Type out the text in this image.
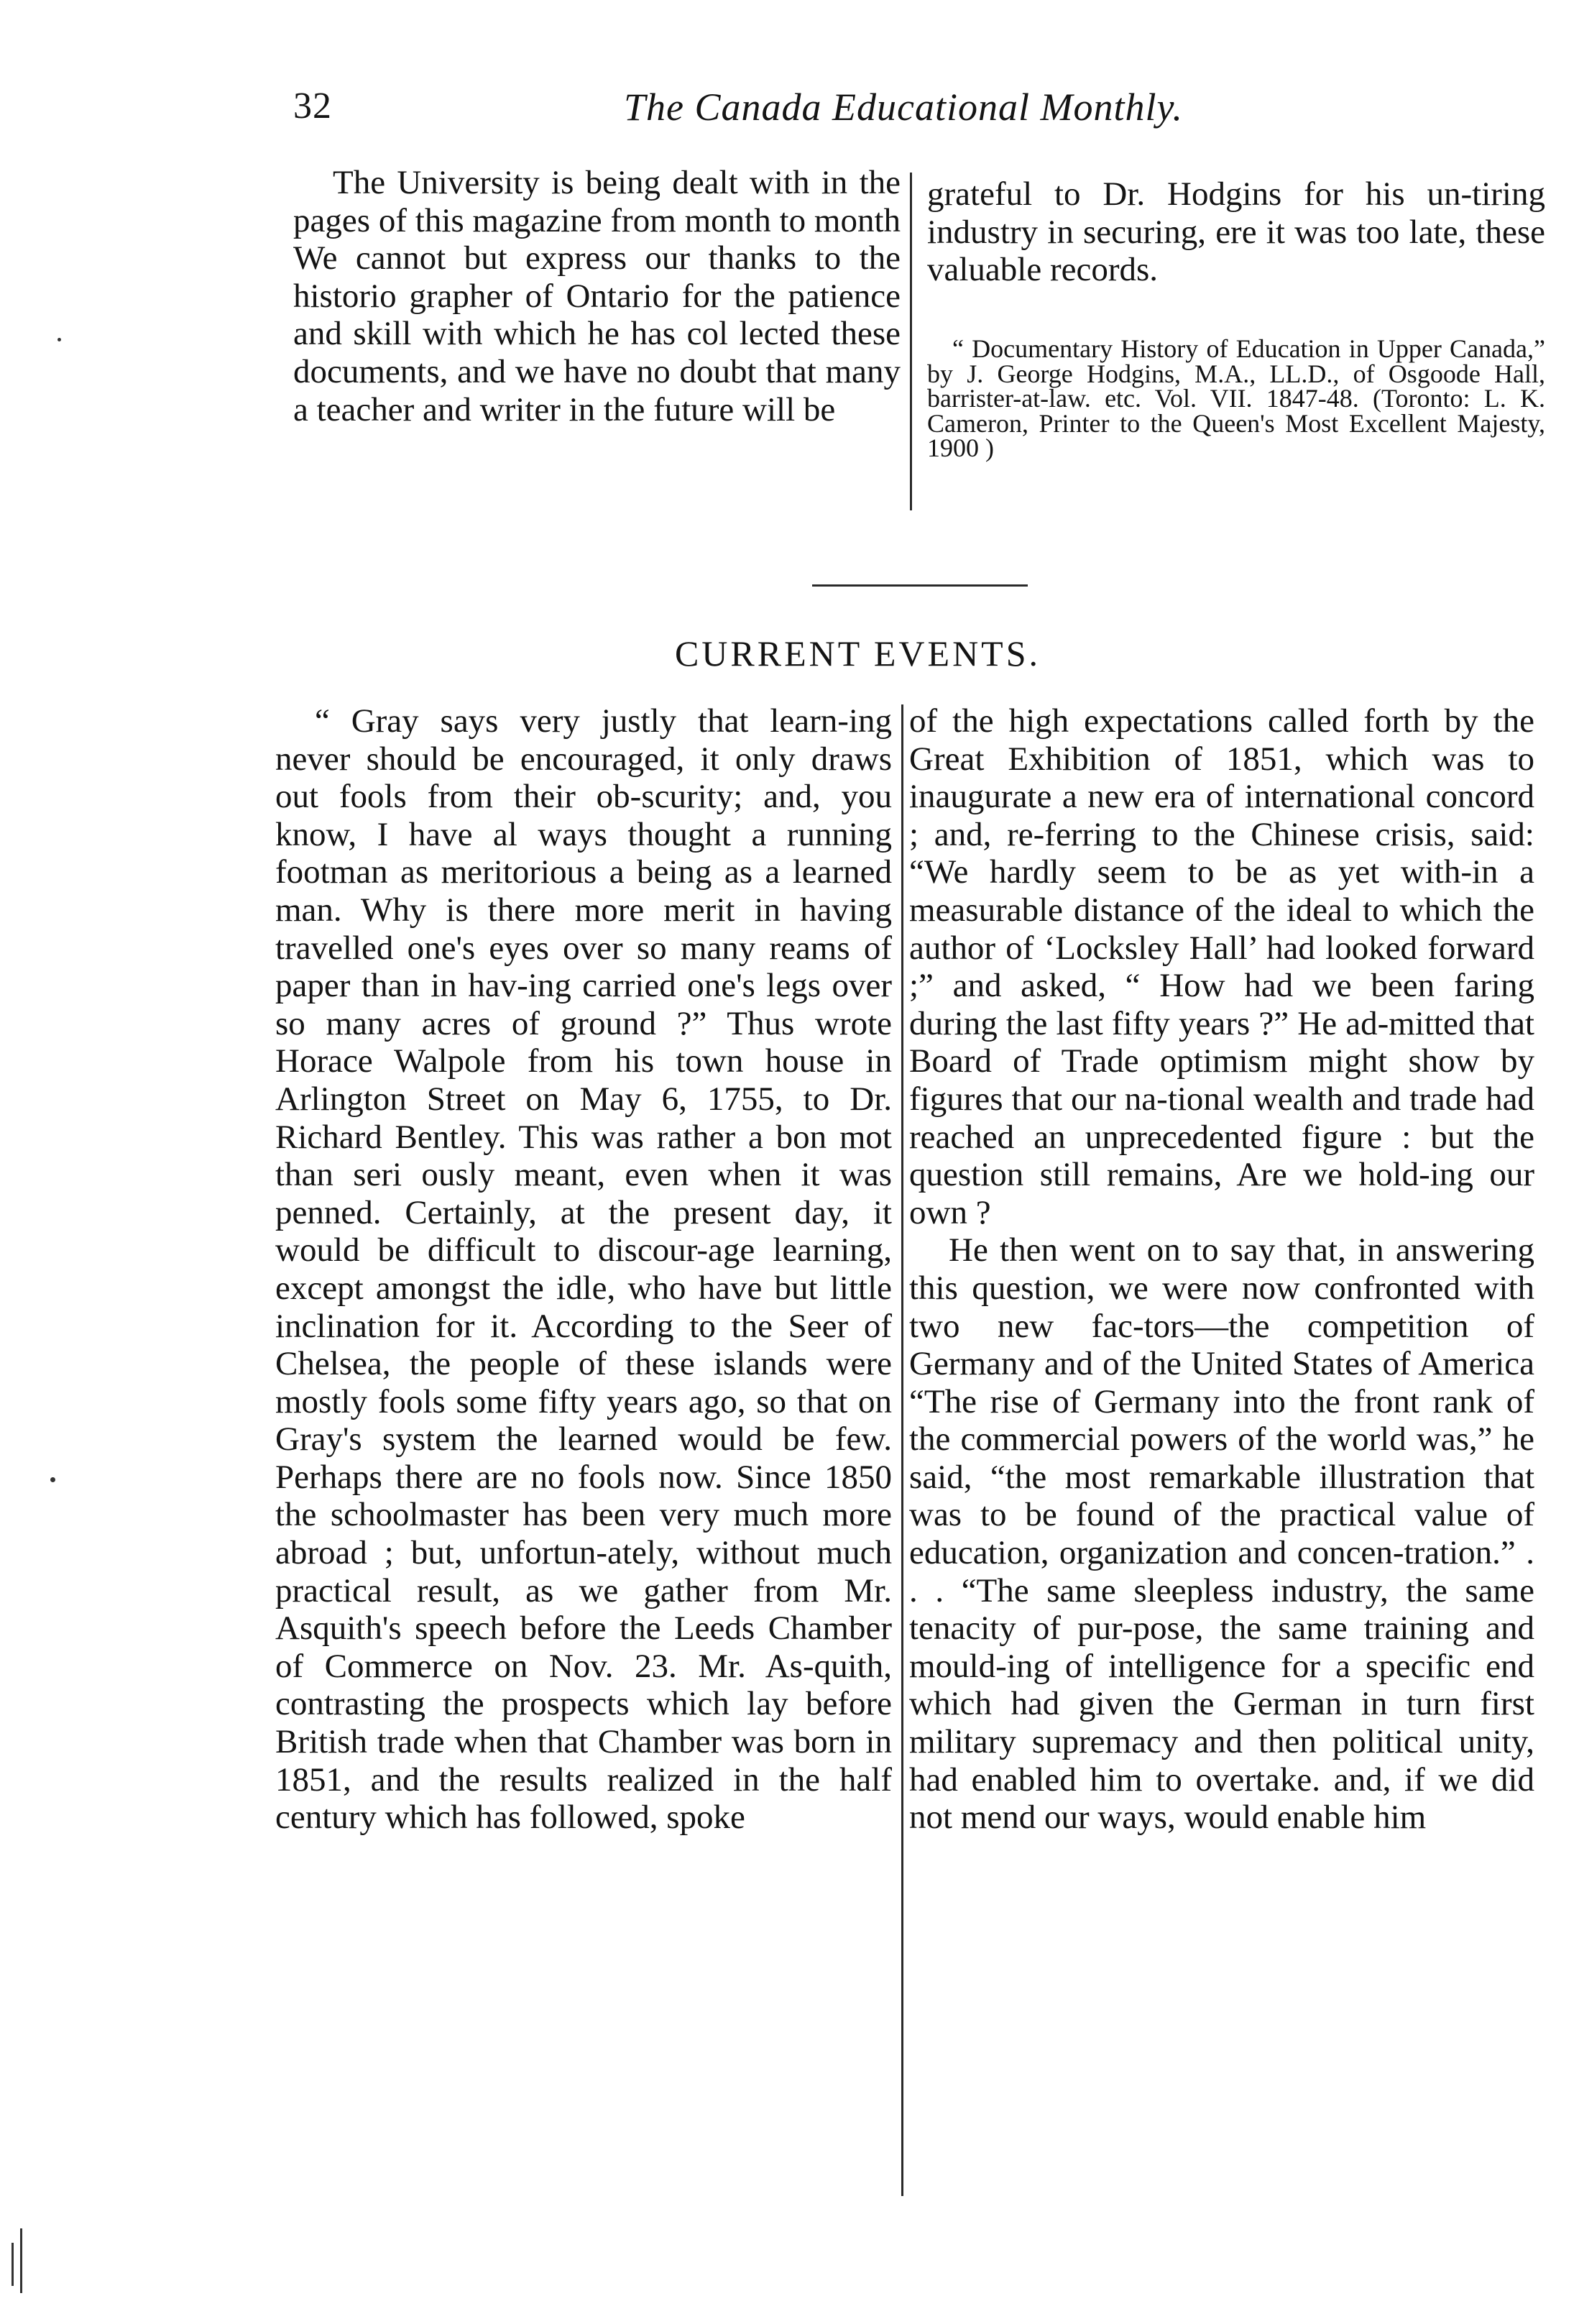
32	The Canada Educational Monthly.

The University is being dealt with in the pages of this magazine from month to month We cannot but express our thanks to the historio grapher of Ontario for the patience and skill with which he has col lected these documents, and we have no doubt that many a teacher and writer in the future will be

grateful to Dr. Hodgins for his un-tiring industry in securing, ere it was too late, these valuable records.

“ Documentary History of Education in Upper Canada,” by J. George Hodgins, M.A., LL.D., of Osgoode Hall, barrister-at-law. etc. Vol. VII. 1847-48. (Toronto: L. K. Cameron, Printer to the Queen's Most Excellent Majesty, 1900 )

CURRENT EVENTS.

“ Gray says very justly that learn-ing never should be encouraged, it only draws out fools from their ob-scurity; and, you know, I have al ways thought a running footman as meritorious a being as a learned man. Why is there more merit in having travelled one's eyes over so many reams of paper than in hav-ing carried one's legs over so many acres of ground ?” Thus wrote Horace Walpole from his town house in Arlington Street on May 6, 1755, to Dr. Richard Bentley. This was rather a bon mot than seri ously meant, even when it was penned. Certainly, at the present day, it would be difficult to discour-age learning, except amongst the idle, who have but little inclination for it. According to the Seer of Chelsea, the people of these islands were mostly fools some fifty years ago, so that on Gray's system the learned would be few. Perhaps there are no fools now. Since 1850 the schoolmaster has been very much more abroad ; but, unfortun-ately, without much practical result, as we gather from Mr. Asquith's speech before the Leeds Chamber of Commerce on Nov. 23. Mr. As-quith, contrasting the prospects which lay before British trade when that Chamber was born in 1851, and the results realized in the half century which has followed, spoke

of the high expectations called forth by the Great Exhibition of 1851, which was to inaugurate a new era of international concord ; and, re-ferring to the Chinese crisis, said: “We hardly seem to be as yet with-in a measurable distance of the ideal to which the author of ‘Locksley Hall’ had looked forward ;” and asked, “ How had we been faring during the last fifty years ?” He ad-mitted that Board of Trade optimism might show by figures that our na-tional wealth and trade had reached an unprecedented figure : but the question still remains, Are we hold-ing our own ?

He then went on to say that, in answering this question, we were now confronted with two new fac-tors—the competition of Germany and of the United States of America “The rise of Germany into the front rank of the commercial powers of the world was,” he said, “the most remarkable illustration that was to be found of the practical value of education, organization and concen-tration.” . . . “The same sleepless industry, the same tenacity of pur-pose, the same training and mould-ing of intelligence for a specific end which had given the German in turn first military supremacy and then political unity, had enabled him to overtake. and, if we did not mend our ways, would enable him
